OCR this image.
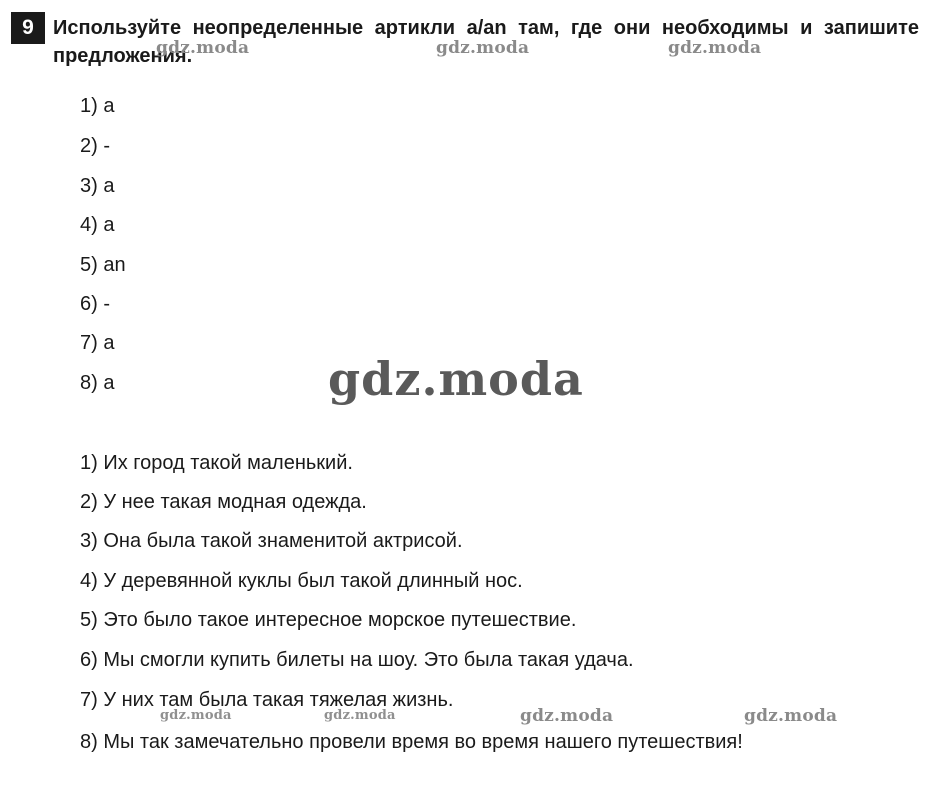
9 Используйте неопределенные артикли a/an там, где они необходимы и запишите предложения.
1) a
2) -
3) a
4) a
5) an
6) -
7) a
8) a
1) Их город такой маленький.
2) У нее такая модная одежда.
3) Она была такой знаменитой актрисой.
4) У деревянной куклы был такой длинный нос.
5) Это было такое интересное морское путешествие.
6) Мы смогли купить билеты на шоу. Это была такая удача.
7) У них там была такая тяжелая жизнь.
8) Мы так замечательно провели время во время нашего путешествия!
gdz.moda	gdz.moda	gdz.moda
gdz.moda
gdz.moda	gdz.moda	gdz.moda	gdz.moda
